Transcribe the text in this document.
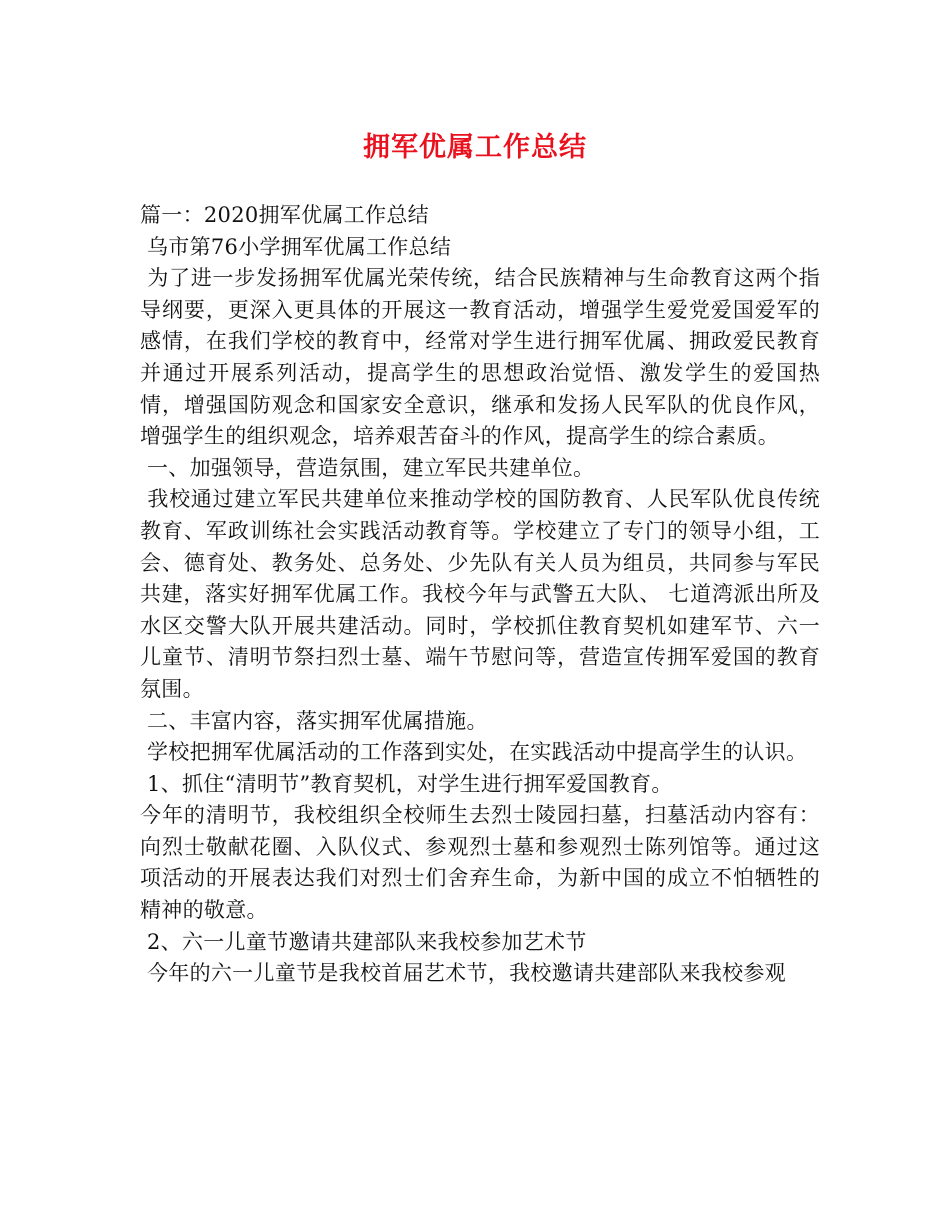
拥军优属工作总结

篇一：2020拥军优属工作总结

乌市第76小学拥军优属工作总结

为了进一步发扬拥军优属光荣传统，结合民族精神与生命教育这两个指导纲要，更深入更具体的开展这一教育活动，增强学生爱党爱国爱军的感情，在我们学校的教育中，经常对学生进行拥军优属、拥政爱民教育并通过开展系列活动，提高学生的思想政治觉悟、激发学生的爱国热情，增强国防观念和国家安全意识，继承和发扬人民军队的优良作风，增强学生的组织观念，培养艰苦奋斗的作风，提高学生的综合素质。

一、加强领导，营造氛围，建立军民共建单位。

我校通过建立军民共建单位来推动学校的国防教育、人民军队优良传统教育、军政训练社会实践活动教育等。学校建立了专门的领导小组，工会、德育处、教务处、总务处、少先队有关人员为组员，共同参与军民共建，落实好拥军优属工作。我校今年与武警五大队、 七道湾派出所及水区交警大队开展共建活动。同时，学校抓住教育契机如建军节、六一儿童节、清明节祭扫烈士墓、端午节慰问等，营造宣传拥军爱国的教育氛围。

二、丰富内容，落实拥军优属措施。

学校把拥军优属活动的工作落到实处，在实践活动中提高学生的认识。

1、抓住“清明节”教育契机，对学生进行拥军爱国教育。

今年的清明节，我校组织全校师生去烈士陵园扫墓，扫墓活动内容有：向烈士敬献花圈、入队仪式、参观烈士墓和参观烈士陈列馆等。通过这项活动的开展表达我们对烈士们舍弃生命，为新中国的成立不怕牺牲的精神的敬意。

2、六一儿童节邀请共建部队来我校参加艺术节

今年的六一儿童节是我校首届艺术节，我校邀请共建部队来我校参观
